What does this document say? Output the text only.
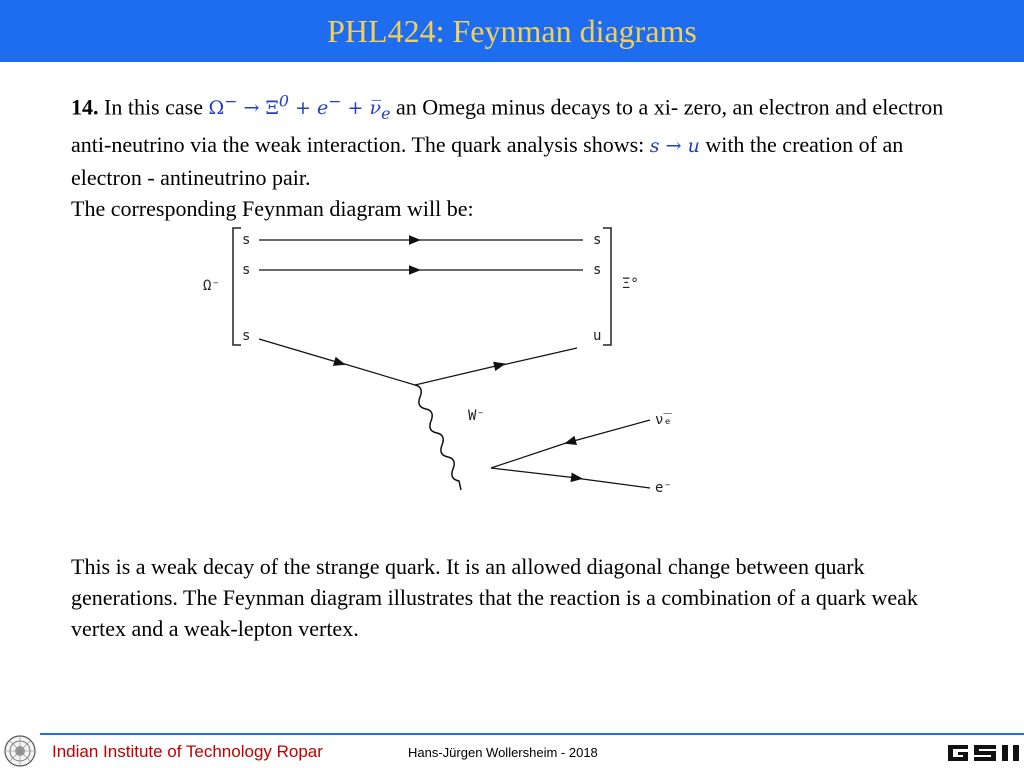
PHL424: Feynman diagrams
14. In this case $\Omega^- \to \Xi^0 + e^-$ + $\nu̅_e$ an Omega minus decays to a xi- zero, an electron and electron anti-neutrino via the weak interaction. The quark analysis shows: s → u with the creation of an electron - antineutrino pair.
The corresponding Feynman diagram will be:
Ω⁻	Ξ°
s	s
s	s
s	u
W⁻	ν̅ₑ
e⁻
This is a weak decay of the strange quark. It is an allowed diagonal change between quark generations. The Feynman diagram illustrates that the reaction is a combination of a quark weak vertex and a weak-lepton vertex.
Indian Institute of Technology Ropar	Hans-Jürgen Wollersheim - 2018
